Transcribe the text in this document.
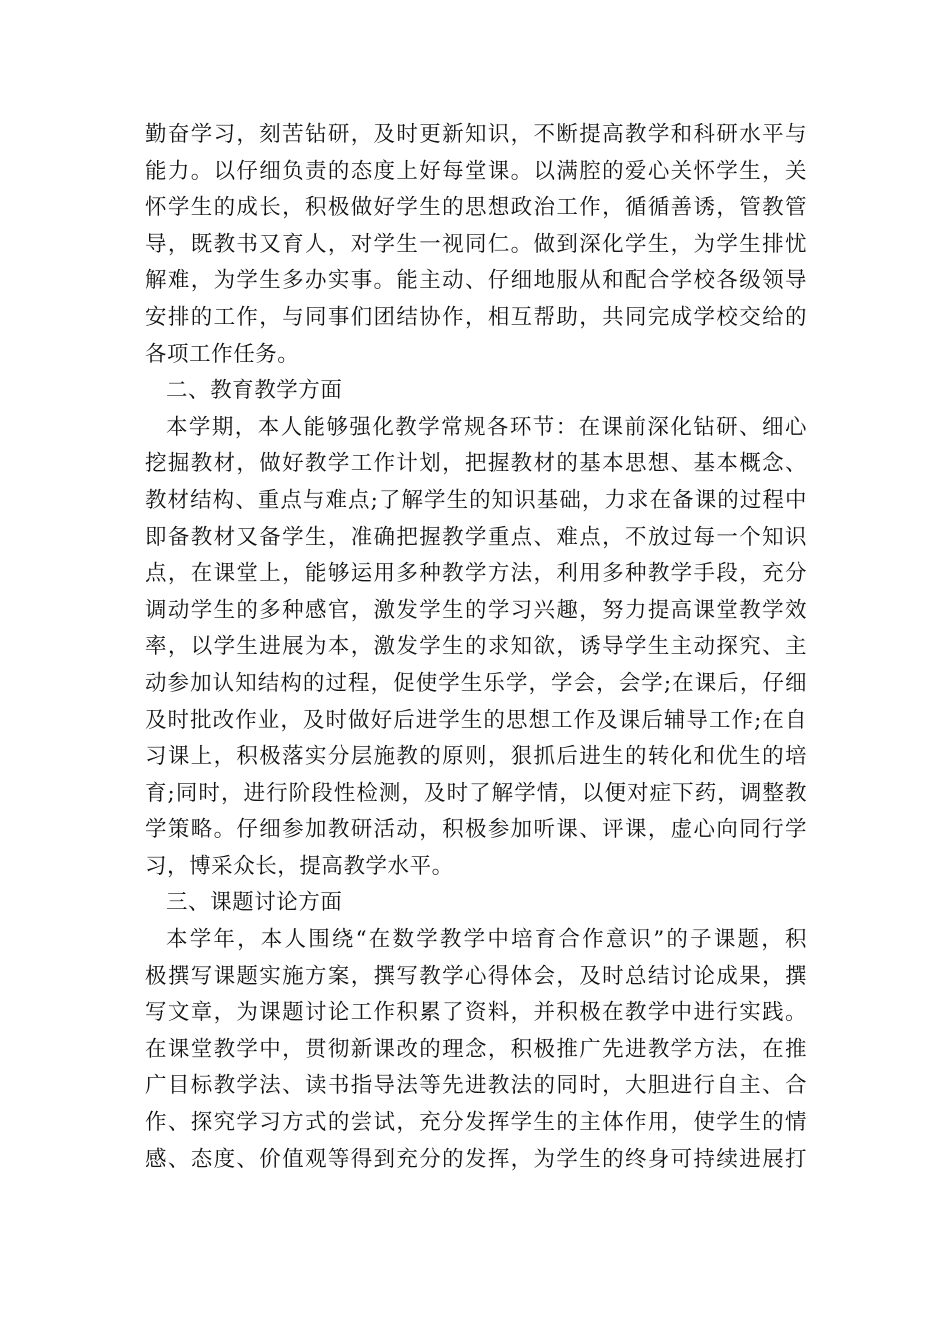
勤奋学习，刻苦钻研，及时更新知识，不断提高教学和科研水平与
能力。以仔细负责的态度上好每堂课。以满腔的爱心关怀学生，关
怀学生的成长，积极做好学生的思想政治工作，循循善诱，管教管
导，既教书又育人，对学生一视同仁。做到深化学生，为学生排忧
解难，为学生多办实事。能主动、仔细地服从和配合学校各级领导
安排的工作，与同事们团结协作，相互帮助，共同完成学校交给的
各项工作任务。
二、教育教学方面
本学期，本人能够强化教学常规各环节：在课前深化钻研、细心
挖掘教材，做好教学工作计划，把握教材的基本思想、基本概念、
教材结构、重点与难点;了解学生的知识基础，力求在备课的过程中
即备教材又备学生，准确把握教学重点、难点，不放过每一个知识
点，在课堂上，能够运用多种教学方法，利用多种教学手段，充分
调动学生的多种感官，激发学生的学习兴趣，努力提高课堂教学效
率，以学生进展为本，激发学生的求知欲，诱导学生主动探究、主
动参加认知结构的过程，促使学生乐学，学会，会学;在课后，仔细
及时批改作业，及时做好后进学生的思想工作及课后辅导工作;在自
习课上，积极落实分层施教的原则，狠抓后进生的转化和优生的培
育;同时，进行阶段性检测，及时了解学情，以便对症下药，调整教
学策略。仔细参加教研活动，积极参加听课、评课，虚心向同行学
习，博采众长，提高教学水平。
三、课题讨论方面
本学年，本人围绕“在数学教学中培育合作意识”的子课题，积
极撰写课题实施方案，撰写教学心得体会，及时总结讨论成果，撰
写文章，为课题讨论工作积累了资料，并积极在教学中进行实践。
在课堂教学中，贯彻新课改的理念，积极推广先进教学方法，在推
广目标教学法、读书指导法等先进教法的同时，大胆进行自主、合
作、探究学习方式的尝试，充分发挥学生的主体作用，使学生的情
感、态度、价值观等得到充分的发挥，为学生的终身可持续进展打
